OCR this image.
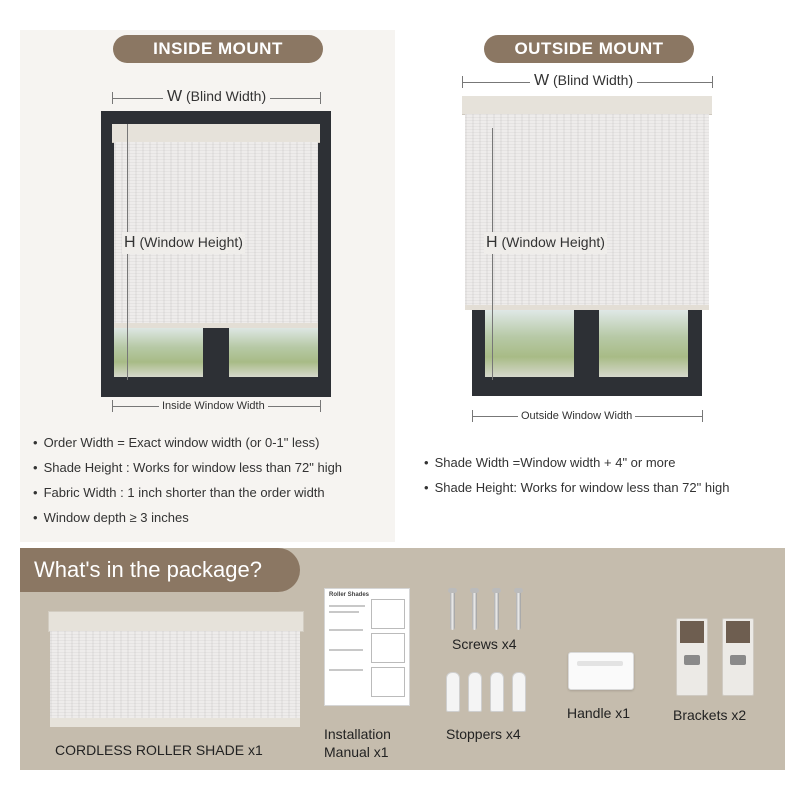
INSIDE MOUNT
W (Blind Width)
H (Window Height)
Inside Window Width
• Order Width = Exact window width (or 0-1" less)
• Shade Height : Works for window less than 72" high
• Fabric Width : 1 inch shorter than the order width
• Window depth ≥ 3 inches
OUTSIDE MOUNT
W (Blind Width)
H (Window Height)
Outside Window Width
• Shade Width =Window width + 4" or more
• Shade Height: Works for window less than 72" high
What's in the package?
CORDLESS ROLLER SHADE x1
Roller Shades
Installation
Manual x1
Screws x4
Stoppers x4
Handle x1	Brackets x2
